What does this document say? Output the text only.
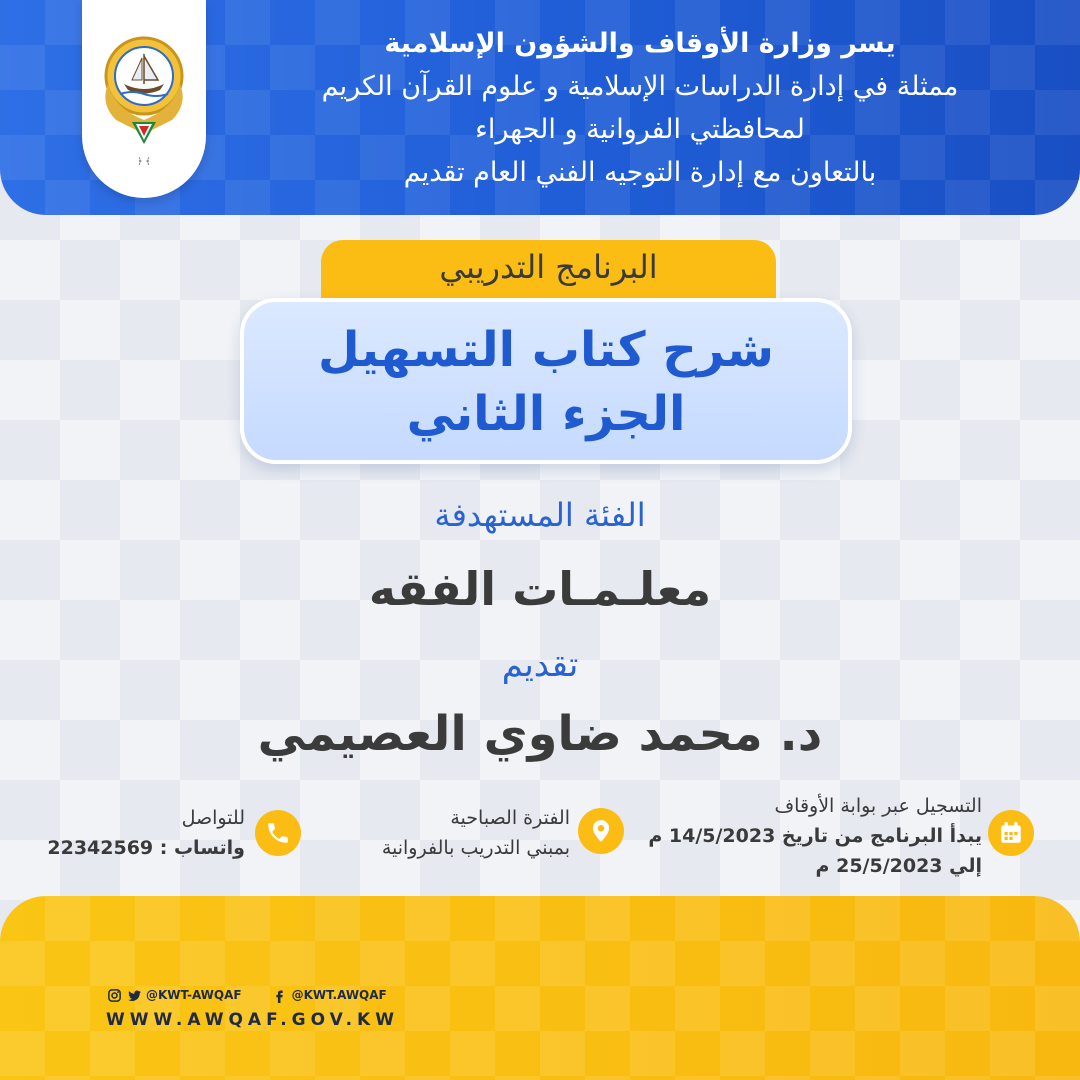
﴾ ﴿
يسر وزارة الأوقاف والشؤون الإسلامية
ممثلة في إدارة الدراسات الإسلامية و علوم القرآن الكريم
لمحافظتي الفروانية و الجهراء
بالتعاون مع إدارة التوجيه الفني العام تقديم
البرنامج التدريبي
شرح كتاب التسهيل
الجزء الثاني
الفئة المستهدفة
معلـمـات الفقه
تقديم
د. محمد ضاوي العصيمي
التسجيل عبر بوابة الأوقاف
يبدأ البرنامج من تاريخ 14/5/2023 م
إلي 25/5/2023 م
الفترة الصباحية
بمبني التدريب بالفروانية
للتواصل
واتساب : 22342569
@KWT-AWQAF	@KWT.AWQAF
WWW.AWQAF.GOV.KW
